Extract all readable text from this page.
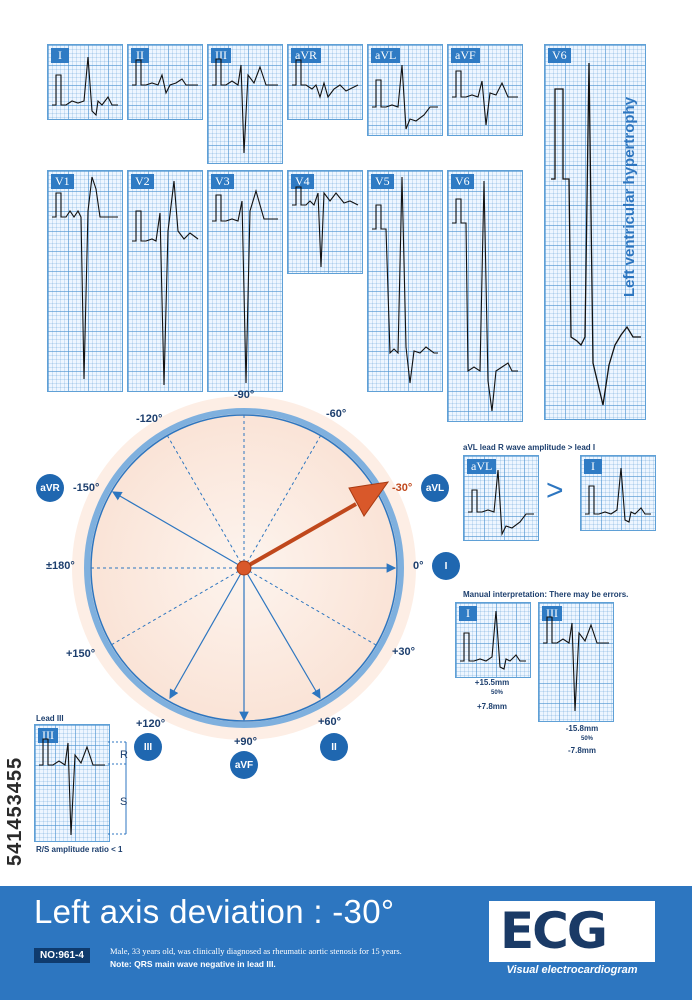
I	II	III	aVR	aVL	aVF
V1	V2	V3	V4	V5	V6
V6
Left ventricular hypertrophy
-90°
-120°	-60°
-150°	-30°
±180°	0°
+150°	+30°
+120°	+60°
+90°
aVR	aVL
I
III	II
aVF
aVL lead R wave amplitude > lead I
aVL
>
I
Manual interpretation: There may be errors.
I
+15.5mm
50%
+7.8mm
III
-15.8mm
50%
-7.8mm
Lead III
III
R
S
R/S amplitude ratio < 1
541453455
Left axis deviation : -30°
NO:961-4	Male, 33 years old, was clinically diagnosed as rheumatic aortic stenosis for 15 years.
Note: QRS main wave negative in lead III.
ECG
Visual electrocardiogram
